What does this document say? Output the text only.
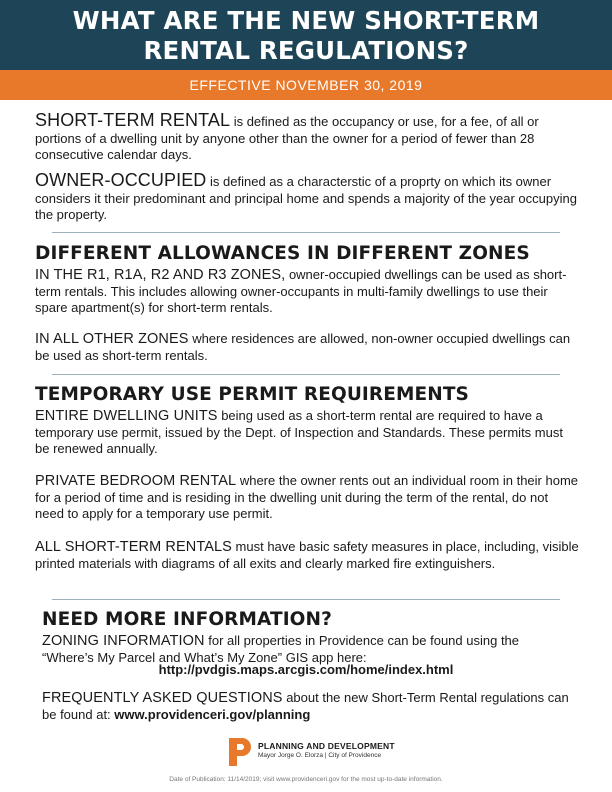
WHAT ARE THE NEW SHORT-TERM
RENTAL REGULATIONS?
EFFECTIVE NOVEMBER 30, 2019

SHORT-TERM RENTAL is defined as the occupancy or use, for a fee, of all or portions of a dwelling unit by anyone other than the owner for a period of fewer than 28 consecutive calendar days.

OWNER-OCCUPIED is defined as a characterstic of a proprty on which its owner considers it their predominant and principal home and spends a majority of the year occupying the property.

DIFFERENT ALLOWANCES IN DIFFERENT ZONES

IN THE R1, R1A, R2 AND R3 ZONES, owner-occupied dwellings can be used as short-term rentals. This includes allowing owner-occupants in multi-family dwellings to use their spare apartment(s) for short-term rentals.

IN ALL OTHER ZONES where residences are allowed, non-owner occupied dwellings can be used as short-term rentals.

TEMPORARY USE PERMIT REQUIREMENTS

ENTIRE DWELLING UNITS being used as a short-term rental are required to have a temporary use permit, issued by the Dept. of Inspection and Standards. These permits must be renewed annually.

PRIVATE BEDROOM RENTAL where the owner rents out an individual room in their home for a period of time and is residing in the dwelling unit during the term of the rental, do not need to apply for a temporary use permit.

ALL SHORT-TERM RENTALS must have basic safety measures in place, including, visible printed materials with diagrams of all exits and clearly marked fire extinguishers.

NEED MORE INFORMATION?

ZONING INFORMATION for all properties in Providence can be found using the “Where’s My Parcel and What’s My Zone” GIS app here:

http://pvdgis.maps.arcgis.com/home/index.html

FREQUENTLY ASKED QUESTIONS about the new Short-Term Rental regulations can be found at: www.providenceri.gov/planning

PLANNING AND DEVELOPMENT
Mayor Jorge O. Elorza | City of Providence
Date of Publication: 11/14/2019; visit www.providenceri.gov for the most up-to-date information.
